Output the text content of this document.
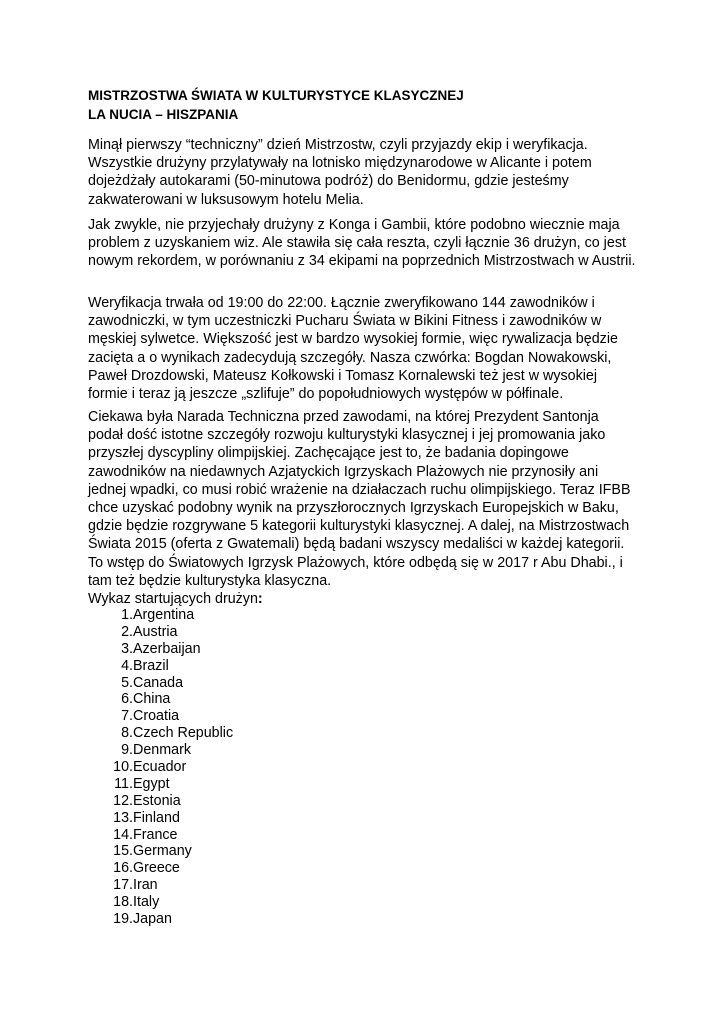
MISTRZOSTWA ŚWIATA W KULTURYSTYCE KLASYCZNEJ

LA NUCIA – HISZPANIA

Minął pierwszy “techniczny” dzień Mistrzostw, czyli przyjazdy ekip i weryfikacja. Wszystkie drużyny przylatywały na lotnisko międzynarodowe w Alicante i potem dojeżdżały autokarami (50-minutowa podróż) do Benidormu, gdzie jesteśmy zakwaterowani w luksusowym hotelu Melia.

Jak zwykle, nie przyjechały drużyny z Konga i Gambii, które podobno wiecznie maja problem z uzyskaniem wiz. Ale stawiła się cała reszta, czyli łącznie 36 drużyn, co jest nowym rekordem, w porównaniu z 34 ekipami na poprzednich Mistrzostwach w Austrii.

Weryfikacja trwała od 19:00 do 22:00. Łącznie zweryfikowano 144 zawodników i zawodniczki, w tym uczestniczki Pucharu Świata w Bikini Fitness i zawodników w męskiej sylwetce. Większość jest w bardzo wysokiej formie, więc rywalizacja będzie zacięta a o wynikach zadecydują szczegóły. Nasza czwórka: Bogdan Nowakowski, Paweł Drozdowski, Mateusz Kołkowski i Tomasz Kornalewski też jest w wysokiej formie i teraz ją jeszcze „szlifuje” do popołudniowych występów w półfinale.

Ciekawa była Narada Techniczna przed zawodami, na której Prezydent Santonja podał dość istotne szczegóły rozwoju kulturystyki klasycznej i jej promowania jako przyszłej dyscypliny olimpijskiej. Zachęcające jest to, że badania dopingowe zawodników na niedawnych Azjatyckich Igrzyskach Plażowych nie przynosiły ani jednej wpadki, co musi robić wrażenie na działaczach ruchu olimpijskiego. Teraz IFBB chce uzyskać podobny wynik na przyszłorocznych Igrzyskach Europejskich w Baku, gdzie będzie rozgrywane 5 kategorii kulturystyki klasycznej. A dalej, na Mistrzostwach Świata 2015 (oferta z Gwatemali) będą badani wszyscy medaliści w każdej kategorii. To wstęp do Światowych Igrzysk Plażowych, które odbędą się w 2017 r Abu Dhabi., i tam też będzie kulturystyka klasyczna.

Wykaz startujących drużyn:

1. Argentina
2. Austria
3. Azerbaijan
4. Brazil
5. Canada
6. China
7. Croatia
8. Czech Republic
9. Denmark
10. Ecuador
11. Egypt
12. Estonia
13. Finland
14. France
15. Germany
16. Greece
17. Iran
18. Italy
19. Japan
